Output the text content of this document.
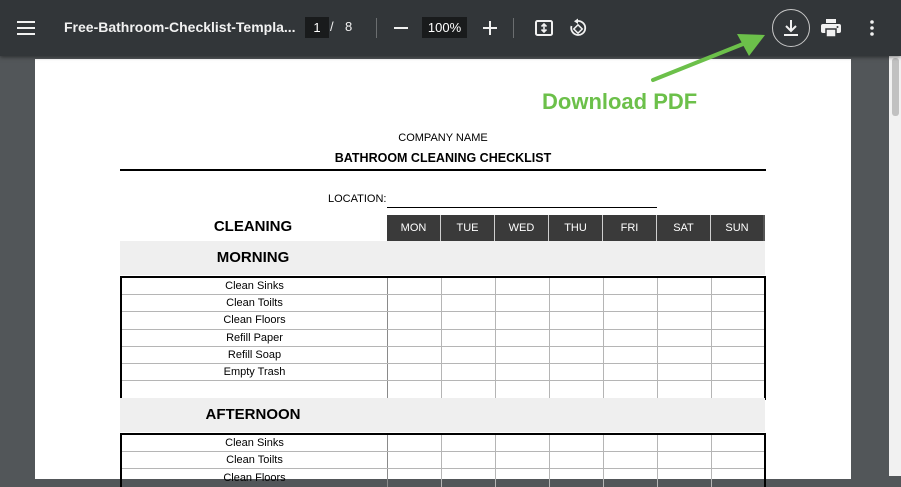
Free-Bathroom-Checklist-Templa...	1 / 8	100%
COMPANY NAME
BATHROOM CLEANING CHECKLIST
LOCATION:
CLEANING	MON	TUE	WED	THU	FRI	SAT	SUN
MORNING
Clean Sinks
Clean Toilts
Clean Floors
Refill Paper
Refill Soap
Empty Trash
AFTERNOON
Clean Sinks
Clean Toilts
Clean Floors
Download PDF
